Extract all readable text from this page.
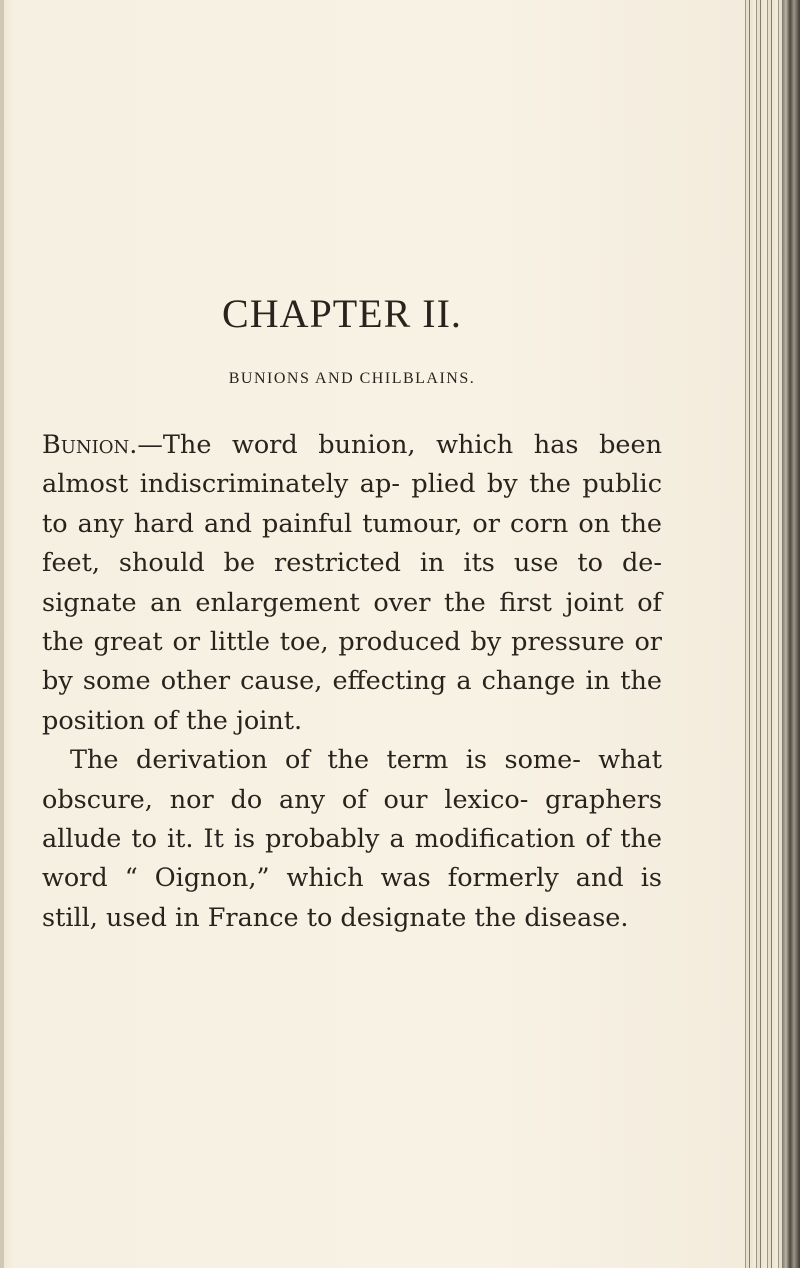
CHAPTER II.
BUNIONS AND CHILBLAINS.

Bunion.—The word bunion, which has been almost indiscriminately ap- plied by the public to any hard and painful tumour, or corn on the feet, should be restricted in its use to de- signate an enlargement over the first joint of the great or little toe, produced by pressure or by some other cause, effecting a change in the position of the joint.

The derivation of the term is some- what obscure, nor do any of our lexico- graphers allude to it. It is probably a modification of the word “ Oignon,” which was formerly and is still, used in France to designate the disease.
